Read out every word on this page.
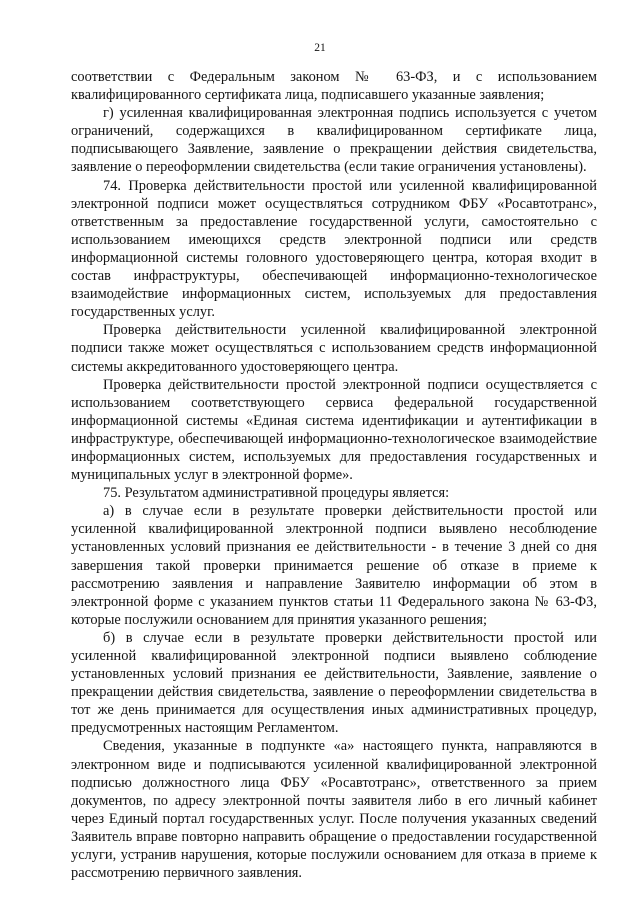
21

соответствии с Федеральным законом № 63-ФЗ, и с использованием квалифицированного сертификата лица, подписавшего указанные заявления;

г) усиленная квалифицированная электронная подпись используется с учетом ограничений, содержащихся в квалифицированном сертификате лица, подписывающего Заявление, заявление о прекращении действия свидетельства, заявление о переоформлении свидетельства (если такие ограничения установлены).

74. Проверка действительности простой или усиленной квалифицированной электронной подписи может осуществляться сотрудником ФБУ «Росавтотранс», ответственным за предоставление государственной услуги, самостоятельно с использованием имеющихся средств электронной подписи или средств информационной системы головного удостоверяющего центра, которая входит в состав инфраструктуры, обеспечивающей информационно-технологическое взаимодействие информационных систем, используемых для предоставления государственных услуг.

Проверка действительности усиленной квалифицированной электронной подписи также может осуществляться с использованием средств информационной системы аккредитованного удостоверяющего центра.

Проверка действительности простой электронной подписи осуществляется с использованием соответствующего сервиса федеральной государственной информационной системы «Единая система идентификации и аутентификации в инфраструктуре, обеспечивающей информационно-технологическое взаимодействие информационных систем, используемых для предоставления государственных и муниципальных услуг в электронной форме».

75. Результатом административной процедуры является:

а) в случае если в результате проверки действительности простой или усиленной квалифицированной электронной подписи выявлено несоблюдение установленных условий признания ее действительности - в течение 3 дней со дня завершения такой проверки принимается решение об отказе в приеме к рассмотрению заявления и направление Заявителю информации об этом в электронной форме с указанием пунктов статьи 11 Федерального закона № 63-ФЗ, которые послужили основанием для принятия указанного решения;

б) в случае если в результате проверки действительности простой или усиленной квалифицированной электронной подписи выявлено соблюдение установленных условий признания ее действительности, Заявление, заявление о прекращении действия свидетельства, заявление о переоформлении свидетельства в тот же день принимается для осуществления иных административных процедур, предусмотренных настоящим Регламентом.

Сведения, указанные в подпункте «а» настоящего пункта, направляются в электронном виде и подписываются усиленной квалифицированной электронной подписью должностного лица ФБУ «Росавтотранс», ответственного за прием документов, по адресу электронной почты заявителя либо в его личный кабинет через Единый портал государственных услуг. После получения указанных сведений Заявитель вправе повторно направить обращение о предоставлении государственной услуги, устранив нарушения, которые послужили основанием для отказа в приеме к рассмотрению первичного заявления.
